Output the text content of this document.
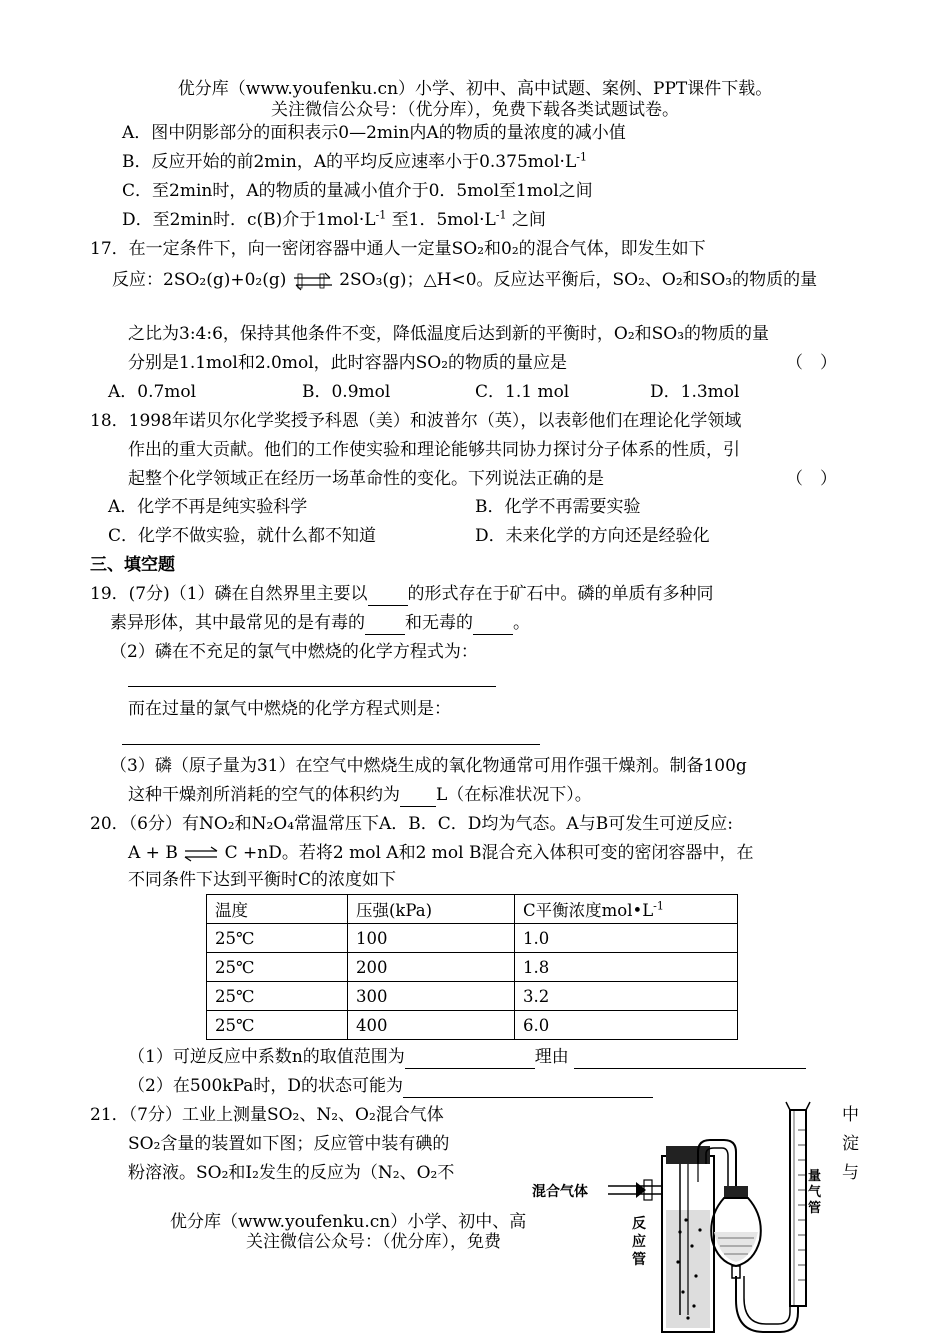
优分库（www.youfenku.cn）小学、初中、高中试题、案例、PPT课件下载。
关注微信公众号：（优分库），免费下载各类试题试卷。
A．图中阴影部分的面积表示0—2min内A的物质的量浓度的减小值
B．反应开始的前2min，A的平均反应速率小于$0.375mol\cdot L^{-1}$
C．至2min时，A的物质的量减小值介于0．5mol至1mol之间
D．至2min时．c(B)介于$1mol\cdot L^{-1}$ 至1．$5mol\cdot L^{-1}$ 之间
17．在一定条件下，向一密闭容器中通人一定量SO₂和0₂的混合气体，即发生如下
反应：2SO₂(g)+0₂(g) ⇌ 2SO₃(g)；△H<0。反应达平衡后，SO₂、O₂和SO₃的物质的量
之比为3:4:6，保持其他条件不变，降低温度后达到新的平衡时，O₂和SO₃的物质的量
分别是1.1mol和2.0mol，此时容器内SO₂的物质的量应是	（　）
A．0.7mol	B．0.9mol	C．1.1 mol	D．1.3mol
18．1998年诺贝尔化学奖授予科恩（美）和波普尔（英），以表彰他们在理论化学领域
作出的重大贡献。他们的工作使实验和理论能够共同协力探讨分子体系的性质，引
起整个化学领域正在经历一场革命性的变化。下列说法正确的是	（　）
A．化学不再是纯实验科学	B．化学不再需要实验
C．化学不做实验，就什么都不知道	D．未来化学的方向还是经验化
三、填空题
19．(7分)（1）磷在自然界里主要以 的形式存在于矿石中。磷的单质有多种同
素异形体，其中最常见的是有毒的 和无毒的 。
（2）磷在不充足的氯气中燃烧的化学方程式为：
而在过量的氯气中燃烧的化学方程式则是：
（3）磷（原子量为31）在空气中燃烧生成的氧化物通常可用作强干燥剂。制备100g
这种干燥剂所消耗的空气的体积约为 L（在标准状况下）。
20．（6分）有NO₂和N₂O₄常温常压下A．B．C．D均为气态。A与B可发生可逆反应:
A + B ⇌ C +nD。若将2 mol A和2 mol B混合充入体积可变的密闭容器中，在
不同条件下达到平衡时C的浓度如下
温度	压强(kPa)	C平衡浓度$mol•L^{-1}$
25℃	100	1.0
25℃	200	1.8
25℃	300	3.2
25℃	400	6.0
（1）可逆反应中系数n的取值范围为	理由
（2）在500kPa时，D的状态可能为
21．（7分）工业上测量SO₂、N₂、O₂混合气体	中
SO₂含量的装置如下图；反应管中装有碘的	淀
粉溶液。SO₂和I₂发生的反应为（N₂、O₂不	与
优分库（www.youfenku.cn）小学、初中、高
关注微信公众号：（优分库），免费
混合气体
反
应
管
量
气
管
